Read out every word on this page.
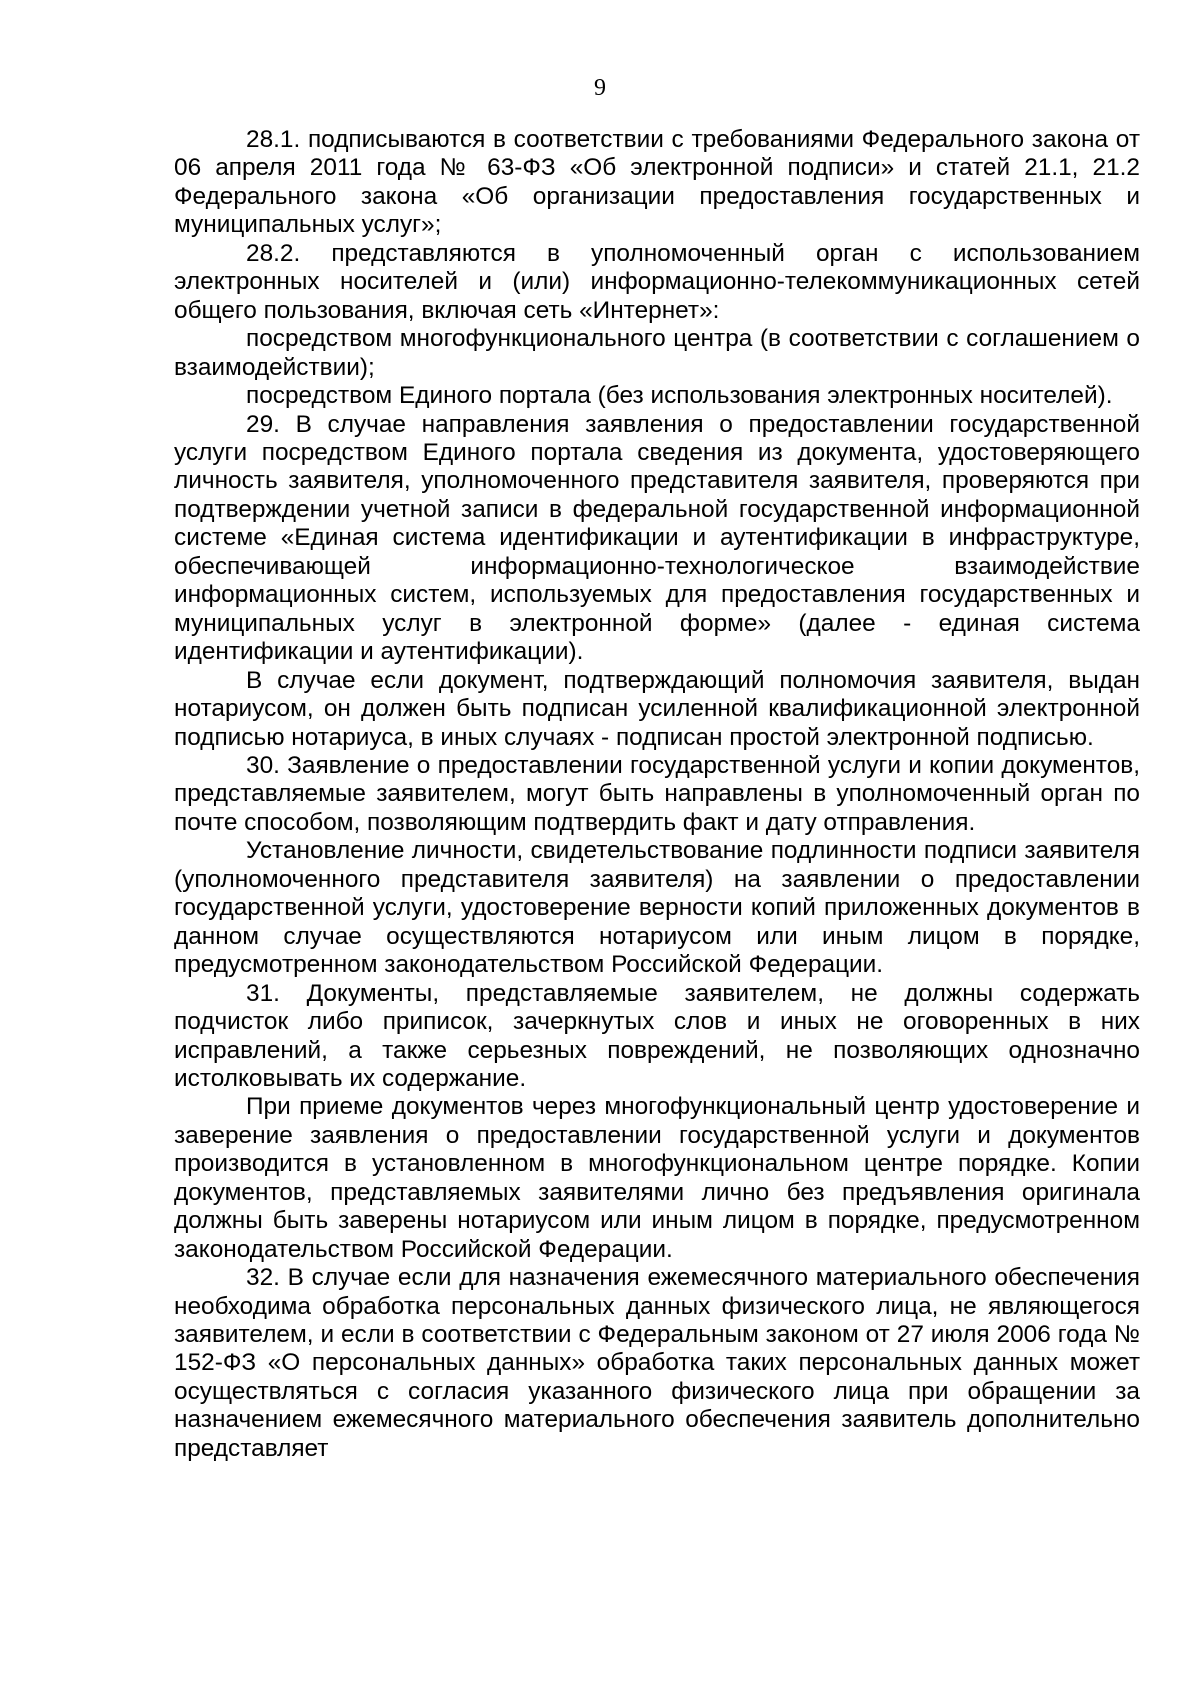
9

28.1. подписываются в соответствии с требованиями Федерального закона от 06 апреля 2011 года № 63-ФЗ «Об электронной подписи» и статей 21.1, 21.2 Федерального закона «Об организации предоставления государственных и муниципальных услуг»;

28.2. представляются в уполномоченный орган с использованием электронных носителей и (или) информационно-телекоммуникационных сетей общего пользования, включая сеть «Интернет»:

посредством многофункционального центра (в соответствии с соглашением о взаимодействии);

посредством Единого портала (без использования электронных носителей).

29. В случае направления заявления о предоставлении государственной услуги посредством Единого портала сведения из документа, удостоверяющего личность заявителя, уполномоченного представителя заявителя, проверяются при подтверждении учетной записи в федеральной государственной информационной системе «Единая система идентификации и аутентификации в инфраструктуре, обеспечивающей информационно-технологическое взаимодействие информационных систем, используемых для предоставления государственных и муниципальных услуг в электронной форме» (далее - единая система идентификации и аутентификации).

В случае если документ, подтверждающий полномочия заявителя, выдан нотариусом, он должен быть подписан усиленной квалификационной электронной подписью нотариуса, в иных случаях - подписан простой электронной подписью.

30. Заявление о предоставлении государственной услуги и копии документов, представляемые заявителем, могут быть направлены в уполномоченный орган по почте способом, позволяющим подтвердить факт и дату отправления.

Установление личности, свидетельствование подлинности подписи заявителя (уполномоченного представителя заявителя) на заявлении о предоставлении государственной услуги, удостоверение верности копий приложенных документов в данном случае осуществляются нотариусом или иным лицом в порядке, предусмотренном законодательством Российской Федерации.

31. Документы, представляемые заявителем, не должны содержать подчисток либо приписок, зачеркнутых слов и иных не оговоренных в них исправлений, а также серьезных повреждений, не позволяющих однозначно истолковывать их содержание.

При приеме документов через многофункциональный центр удостоверение и заверение заявления о предоставлении государственной услуги и документов производится в установленном в многофункциональном центре порядке. Копии документов, представляемых заявителями лично без предъявления оригинала должны быть заверены нотариусом или иным лицом в порядке, предусмотренном законодательством Российской Федерации.

32. В случае если для назначения ежемесячного материального обеспечения необходима обработка персональных данных физического лица, не являющегося заявителем, и если в соответствии с Федеральным законом от 27 июля 2006 года № 152-ФЗ «О персональных данных» обработка таких персональных данных может осуществляться с согласия указанного физического лица при обращении за назначением ежемесячного материального обеспечения заявитель дополнительно представляет
